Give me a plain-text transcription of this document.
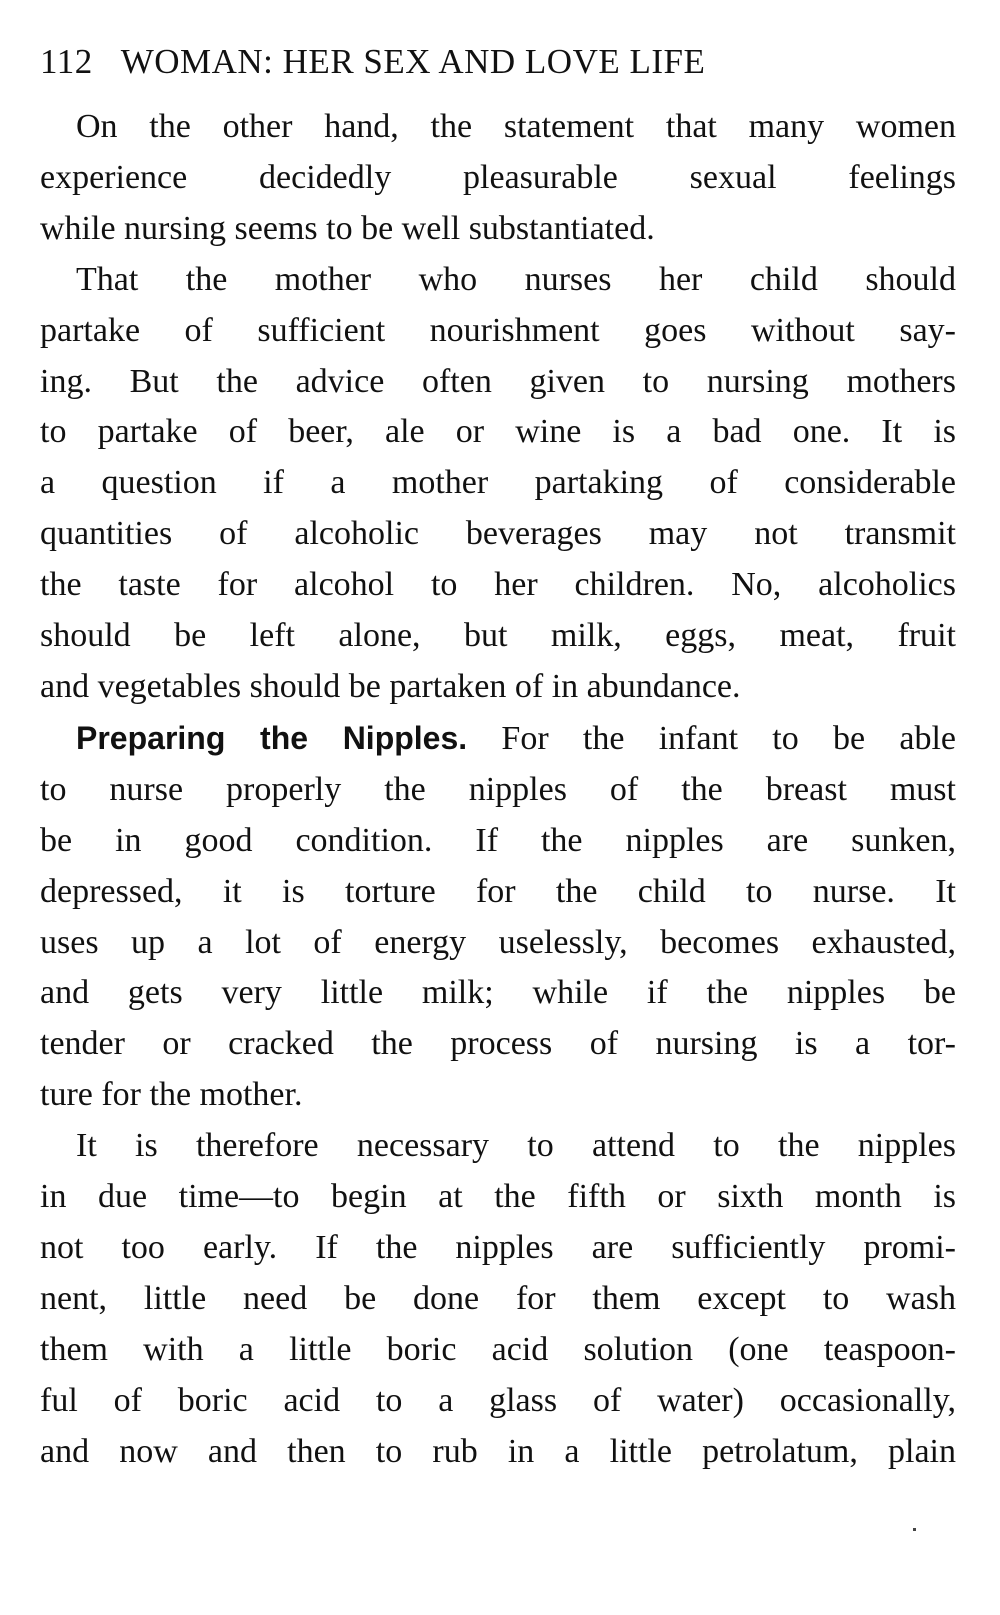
112 WOMAN: HER SEX AND LOVE LIFE

On the other hand, the statement that many women
experience decidedly pleasurable sexual feelings
while nursing seems to be well substantiated.

That the mother who nurses her child should
partake of sufficient nourishment goes without say-
ing. But the advice often given to nursing mothers
to partake of beer, ale or wine is a bad one. It is
a question if a mother partaking of considerable
quantities of alcoholic beverages may not transmit
the taste for alcohol to her children. No, alcoholics
should be left alone, but milk, eggs, meat, fruit
and vegetables should be partaken of in abundance.

Preparing the Nipples. For the infant to be able
to nurse properly the nipples of the breast must
be in good condition. If the nipples are sunken,
depressed, it is torture for the child to nurse. It
uses up a lot of energy uselessly, becomes exhausted,
and gets very little milk; while if the nipples be
tender or cracked the process of nursing is a tor-
ture for the mother.

It is therefore necessary to attend to the nipples
in due time—to begin at the fifth or sixth month is
not too early. If the nipples are sufficiently promi-
nent, little need be done for them except to wash
them with a little boric acid solution (one teaspoon-
ful of boric acid to a glass of water) occasionally,
and now and then to rub in a little petrolatum, plain
